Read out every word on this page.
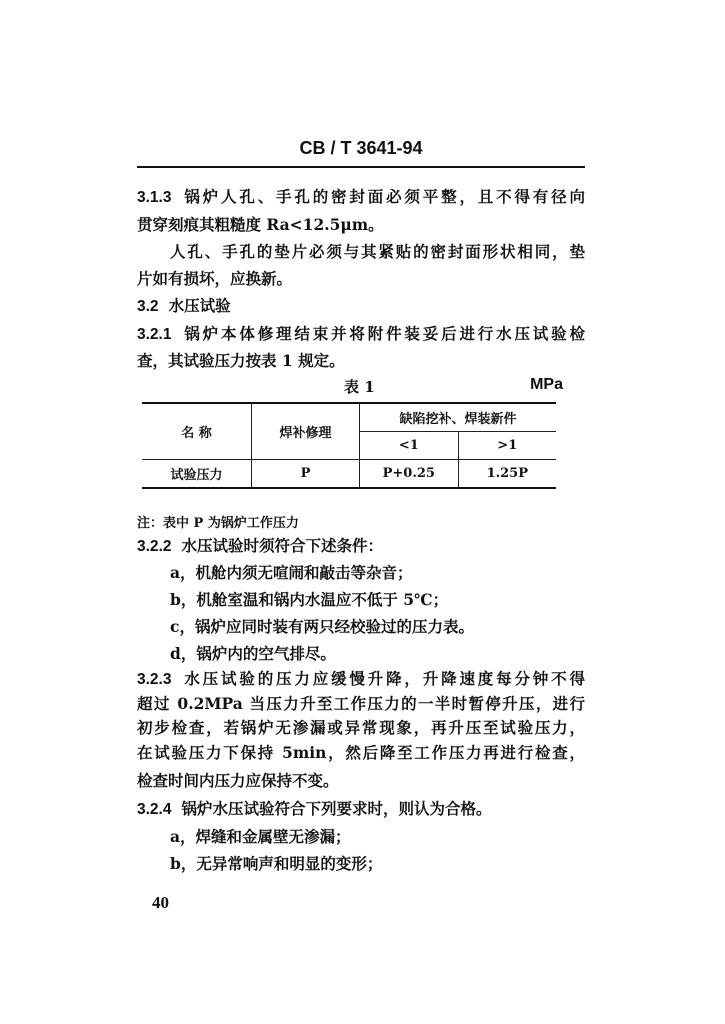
CB / T 3641-94
3.1.3 锅炉人孔、手孔的密封面必须平整，且不得有径向
贯穿刻痕其粗糙度 Ra<12.5μm。
人孔、手孔的垫片必须与其紧贴的密封面形状相同，垫
片如有损坏，应换新。
3.2 水压试验
3.2.1 锅炉本体修理结束并将附件装妥后进行水压试验检
查，其试验压力按表 1 规定。
表 1	MPa
名 称	焊补修理	缺陷挖补、焊装新件	
		<1	>1
试验压力	P	P+0.25	1.25P
注：表中 P 为锅炉工作压力
3.2.2 水压试验时须符合下述条件：
a，机舱内须无喧闹和敲击等杂音；
b，机舱室温和锅内水温应不低于 5℃；
c，锅炉应同时装有两只经校验过的压力表。
d，锅炉内的空气排尽。
3.2.3 水压试验的压力应缓慢升降，升降速度每分钟不得
超过 0.2MPa 当压力升至工作压力的一半时暂停升压，进行
初步检查，若锅炉无渗漏或异常现象，再升压至试验压力，
在试验压力下保持 5min，然后降至工作压力再进行检查，
检查时间内压力应保持不变。
3.2.4 锅炉水压试验符合下列要求时，则认为合格。
a，焊缝和金属壁无渗漏；
b，无异常响声和明显的变形；
40
